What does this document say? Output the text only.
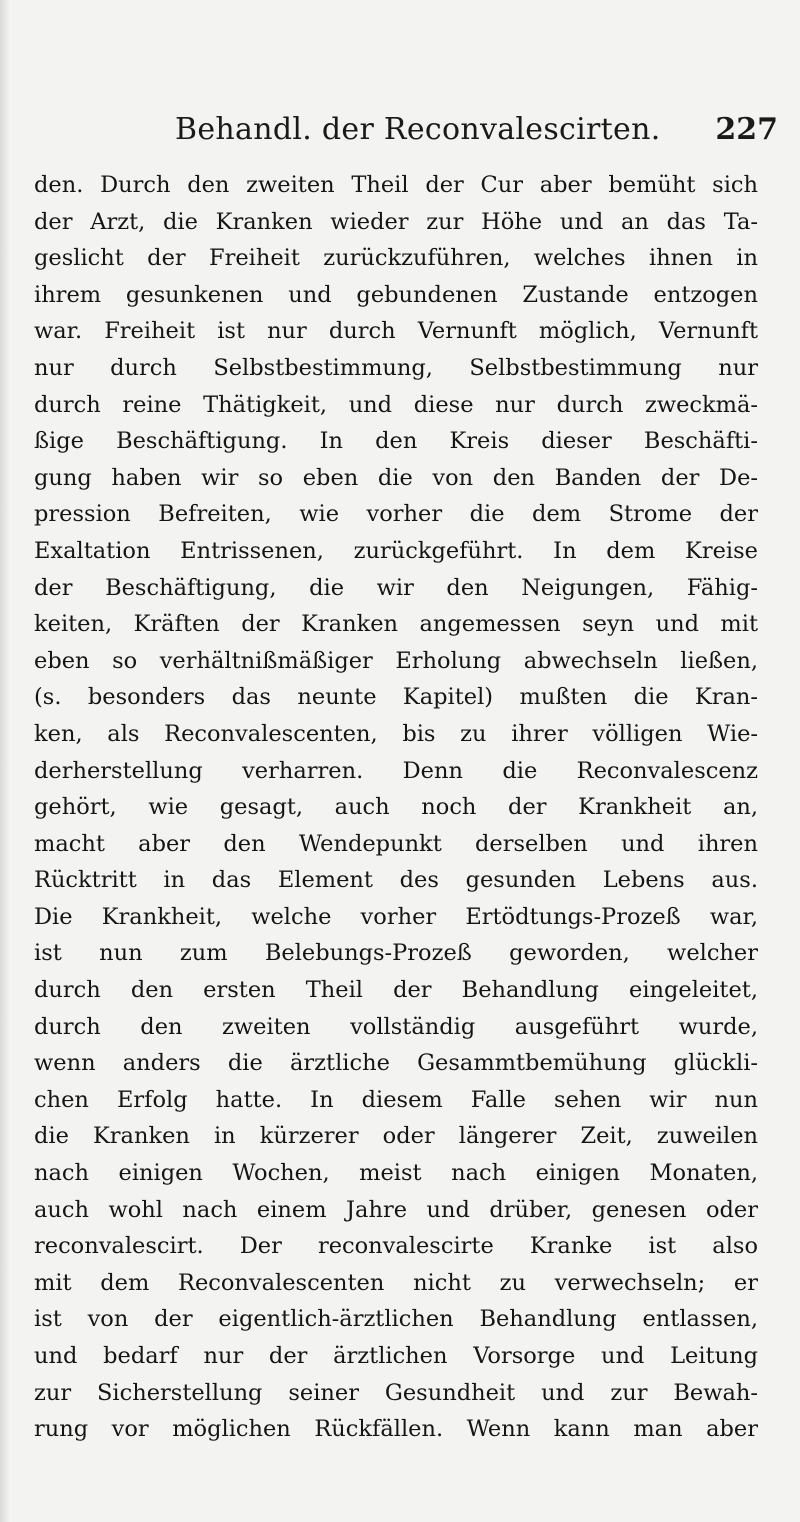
Behandl. der Reconvalescirten. 227
den. Durch den zweiten Theil der Cur aber bemüht sich
der Arzt, die Kranken wieder zur Höhe und an das Ta-
geslicht der Freiheit zurückzuführen, welches ihnen in
ihrem gesunkenen und gebundenen Zustande entzogen
war. Freiheit ist nur durch Vernunft möglich, Vernunft
nur durch Selbstbestimmung, Selbstbestimmung nur
durch reine Thätigkeit, und diese nur durch zweckmä-
ßige Beschäftigung. In den Kreis dieser Beschäfti-
gung haben wir so eben die von den Banden der De-
pression Befreiten, wie vorher die dem Strome der
Exaltation Entrissenen, zurückgeführt. In dem Kreise
der Beschäftigung, die wir den Neigungen, Fähig-
keiten, Kräften der Kranken angemessen seyn und mit
eben so verhältnißmäßiger Erholung abwechseln ließen,
(s. besonders das neunte Kapitel) mußten die Kran-
ken, als Reconvalescenten, bis zu ihrer völligen Wie-
derherstellung verharren. Denn die Reconvalescenz
gehört, wie gesagt, auch noch der Krankheit an,
macht aber den Wendepunkt derselben und ihren
Rücktritt in das Element des gesunden Lebens aus.
Die Krankheit, welche vorher Ertödtungs-Prozeß war,
ist nun zum Belebungs-Prozeß geworden, welcher
durch den ersten Theil der Behandlung eingeleitet,
durch den zweiten vollständig ausgeführt wurde,
wenn anders die ärztliche Gesammtbemühung glückli-
chen Erfolg hatte. In diesem Falle sehen wir nun
die Kranken in kürzerer oder längerer Zeit, zuweilen
nach einigen Wochen, meist nach einigen Monaten,
auch wohl nach einem Jahre und drüber, genesen oder
reconvalescirt. Der reconvalescirte Kranke ist also
mit dem Reconvalescenten nicht zu verwechseln; er
ist von der eigentlich-ärztlichen Behandlung entlassen,
und bedarf nur der ärztlichen Vorsorge und Leitung
zur Sicherstellung seiner Gesundheit und zur Bewah-
rung vor möglichen Rückfällen. Wenn kann man aber
